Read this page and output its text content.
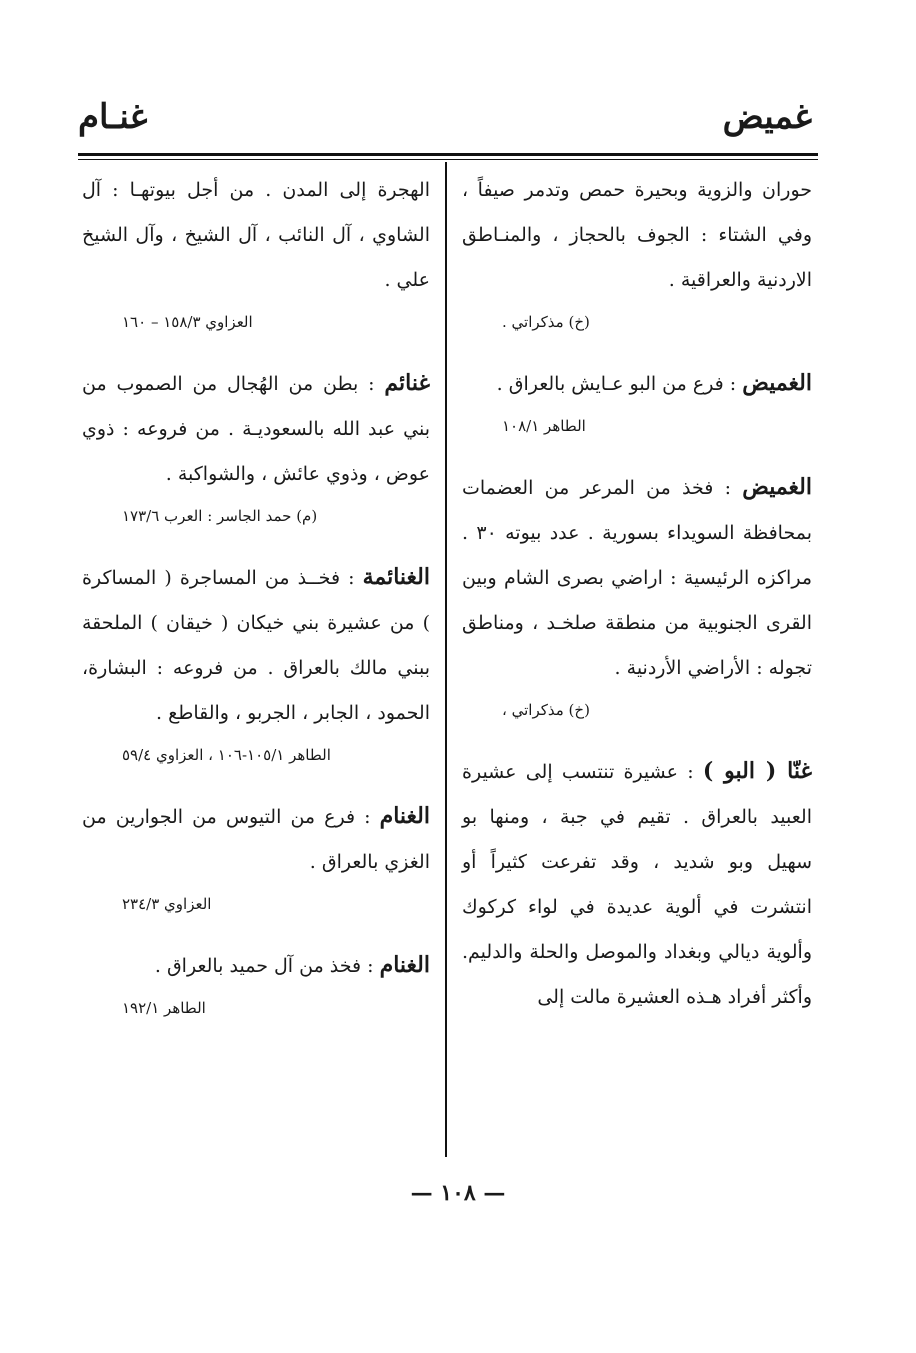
غميض
غنـام

حوران والزوية وبحيرة حمص وتدمر صيفاً ، وفي الشتاء : الجوف بالحجاز ، والمنـاطق الاردنية والعراقية .

(خ) مذكراتي .

الغميض : فرع من البو عـايش بالعراق .

الطاهر ١٠٨/١

الغميض : فخذ من المرعر من العضمات بمحافظة السويداء بسورية . عدد بيوته ٣٠ . مراكزه الرئيسية : اراضي بصرى الشام وبين القرى الجنوبية من منطقة صلخـد ، ومناطق تجوله : الأراضي الأردنية .

(خ) مذكراتي ،

غنّا ( البو ) : عشيرة تنتسب إلى عشيرة العبيد بالعراق . تقيم في جبة ، ومنها بو سهيل وبو شديد ، وقد تفرعت كثيراً أو انتشرت في ألوية عديدة في لواء كركوك وألوية ديالي وبغداد والموصل والحلة والدليم. وأكثر أفراد هـذه العشيرة مالت إلى

الهجرة إلى المدن . من أجل بيوتهـا : آل الشاوي ، آل النائب ، آل الشيخ ، وآل الشيخ علي .

العزاوي ١٥٨/٣ – ١٦٠

غنائم : بطن من الهُجال من الصموب من بني عبد الله بالسعوديـة . من فروعه : ذوي عوض ، وذوي عائش ، والشواكبة .

(م) حمد الجاسر : العرب ١٧٣/٦

الغنائمة : فخــذ من المساجرة ( المساكرة ) من عشيرة بني خيكان ( خيقان ) الملحقة ببني مالك بالعراق . من فروعه : البشارة، الحمود ، الجابر ، الجربو ، والقاطع .

الطاهر ١٠٥/١-١٠٦ ، العزاوي ٥٩/٤

الغنام : فرع من التيوس من الجوارين من الغزي بالعراق .

العزاوي ٢٣٤/٣

الغنام : فخذ من آل حميد بالعراق .

الطاهر ١٩٢/١
— ١٠٨ —
